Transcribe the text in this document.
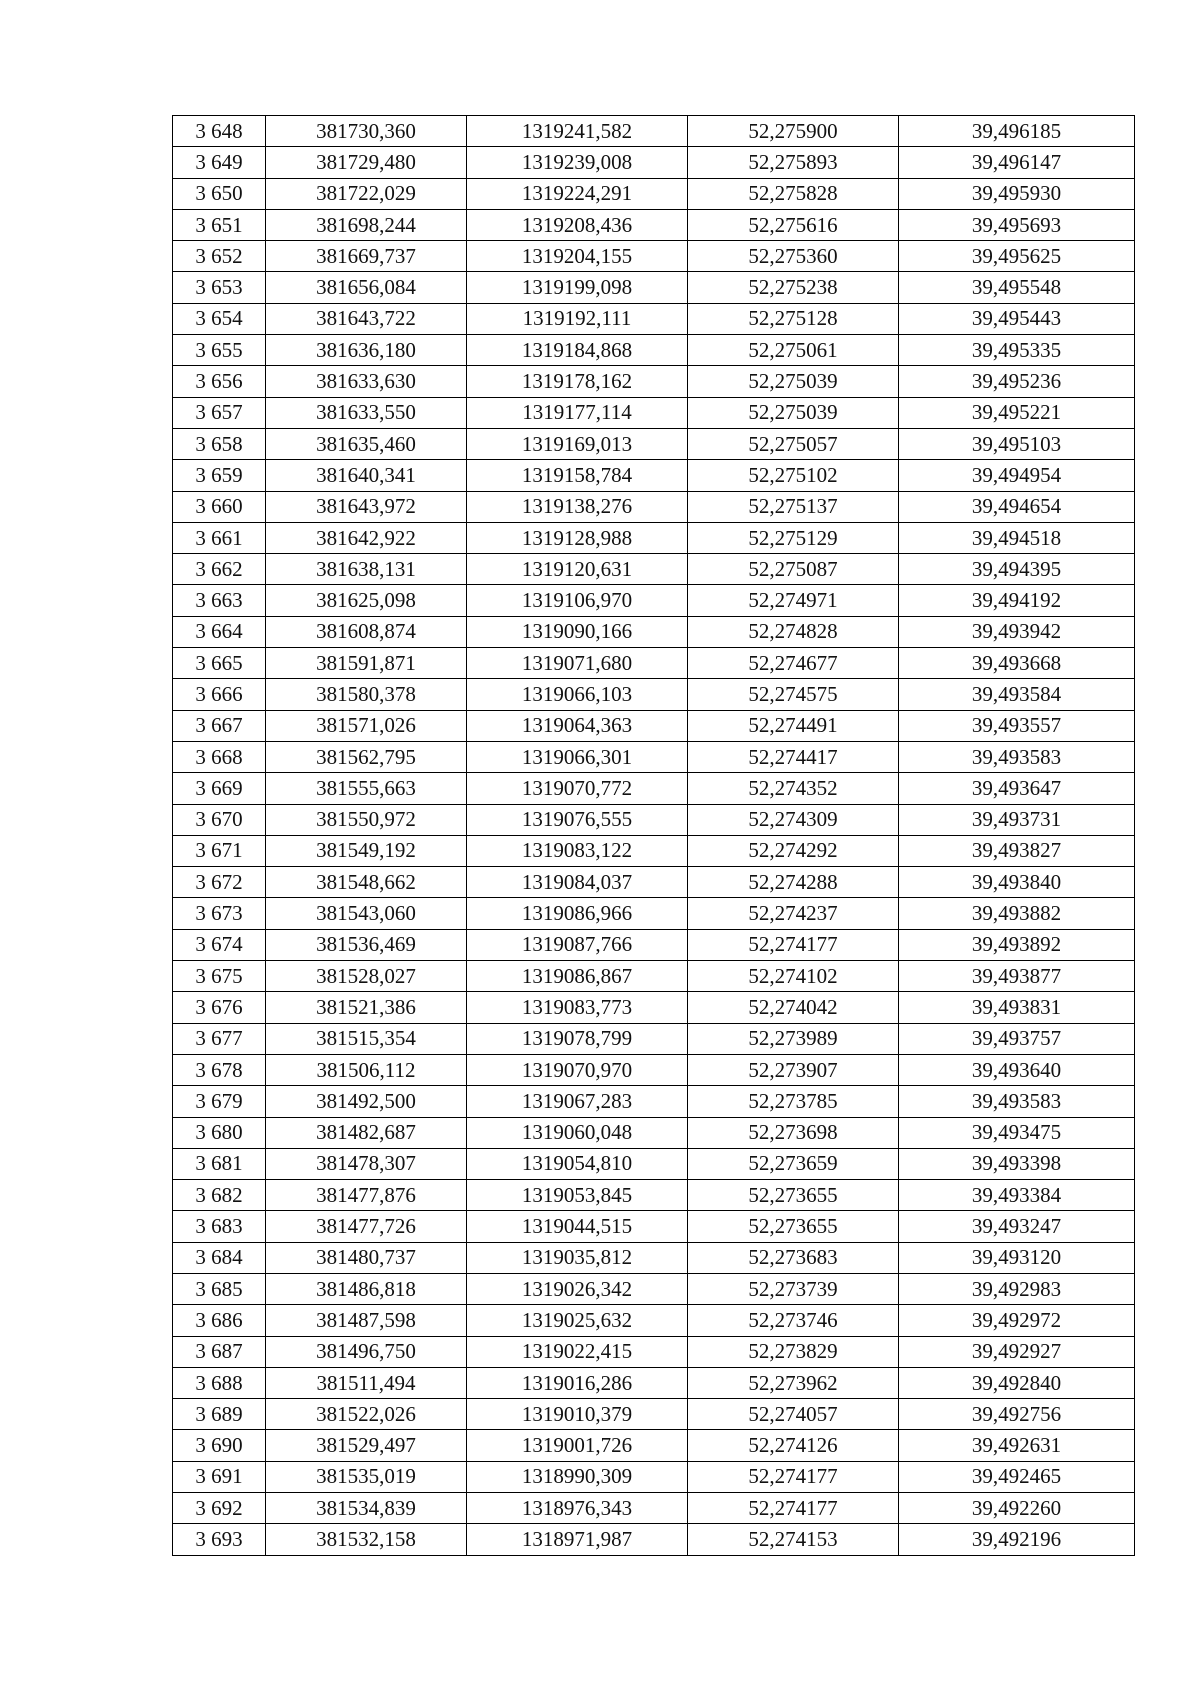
3 648	381730,360	1319241,582	52,275900	39,496185
3 649	381729,480	1319239,008	52,275893	39,496147
3 650	381722,029	1319224,291	52,275828	39,495930
3 651	381698,244	1319208,436	52,275616	39,495693
3 652	381669,737	1319204,155	52,275360	39,495625
3 653	381656,084	1319199,098	52,275238	39,495548
3 654	381643,722	1319192,111	52,275128	39,495443
3 655	381636,180	1319184,868	52,275061	39,495335
3 656	381633,630	1319178,162	52,275039	39,495236
3 657	381633,550	1319177,114	52,275039	39,495221
3 658	381635,460	1319169,013	52,275057	39,495103
3 659	381640,341	1319158,784	52,275102	39,494954
3 660	381643,972	1319138,276	52,275137	39,494654
3 661	381642,922	1319128,988	52,275129	39,494518
3 662	381638,131	1319120,631	52,275087	39,494395
3 663	381625,098	1319106,970	52,274971	39,494192
3 664	381608,874	1319090,166	52,274828	39,493942
3 665	381591,871	1319071,680	52,274677	39,493668
3 666	381580,378	1319066,103	52,274575	39,493584
3 667	381571,026	1319064,363	52,274491	39,493557
3 668	381562,795	1319066,301	52,274417	39,493583
3 669	381555,663	1319070,772	52,274352	39,493647
3 670	381550,972	1319076,555	52,274309	39,493731
3 671	381549,192	1319083,122	52,274292	39,493827
3 672	381548,662	1319084,037	52,274288	39,493840
3 673	381543,060	1319086,966	52,274237	39,493882
3 674	381536,469	1319087,766	52,274177	39,493892
3 675	381528,027	1319086,867	52,274102	39,493877
3 676	381521,386	1319083,773	52,274042	39,493831
3 677	381515,354	1319078,799	52,273989	39,493757
3 678	381506,112	1319070,970	52,273907	39,493640
3 679	381492,500	1319067,283	52,273785	39,493583
3 680	381482,687	1319060,048	52,273698	39,493475
3 681	381478,307	1319054,810	52,273659	39,493398
3 682	381477,876	1319053,845	52,273655	39,493384
3 683	381477,726	1319044,515	52,273655	39,493247
3 684	381480,737	1319035,812	52,273683	39,493120
3 685	381486,818	1319026,342	52,273739	39,492983
3 686	381487,598	1319025,632	52,273746	39,492972
3 687	381496,750	1319022,415	52,273829	39,492927
3 688	381511,494	1319016,286	52,273962	39,492840
3 689	381522,026	1319010,379	52,274057	39,492756
3 690	381529,497	1319001,726	52,274126	39,492631
3 691	381535,019	1318990,309	52,274177	39,492465
3 692	381534,839	1318976,343	52,274177	39,492260
3 693	381532,158	1318971,987	52,274153	39,492196
